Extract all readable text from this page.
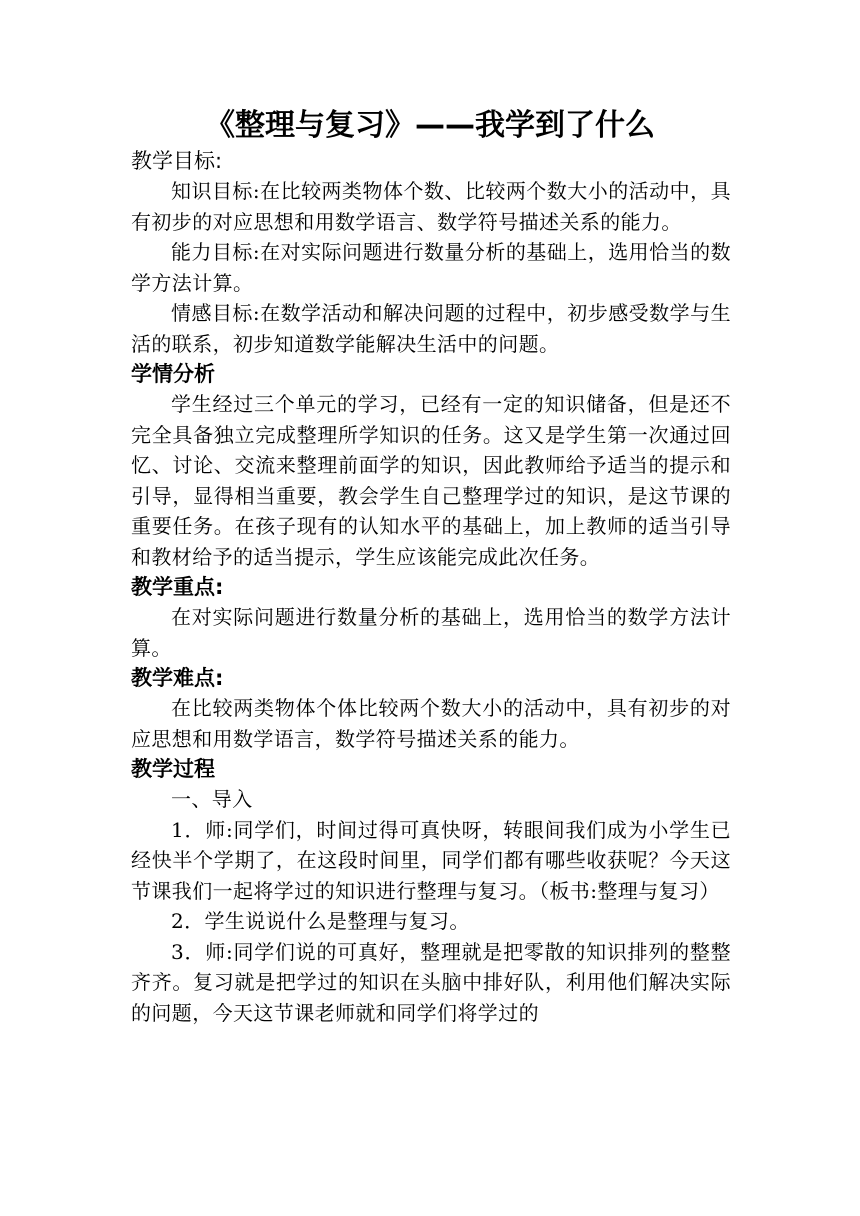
《整理与复习》——我学到了什么

教学目标:

知识目标:在比较两类物体个数、比较两个数大小的活动中，具有初步的对应思想和用数学语言、数学符号描述关系的能力。

能力目标:在对实际问题进行数量分析的基础上，选用恰当的数学方法计算。

情感目标:在数学活动和解决问题的过程中，初步感受数学与生活的联系，初步知道数学能解决生活中的问题。

学情分析

学生经过三个单元的学习，已经有一定的知识储备，但是还不完全具备独立完成整理所学知识的任务。这又是学生第一次通过回忆、讨论、交流来整理前面学的知识，因此教师给予适当的提示和引导，显得相当重要，教会学生自己整理学过的知识，是这节课的重要任务。在孩子现有的认知水平的基础上，加上教师的适当引导和教材给予的适当提示，学生应该能完成此次任务。

教学重点:

在对实际问题进行数量分析的基础上，选用恰当的数学方法计算。

教学难点:

在比较两类物体个体比较两个数大小的活动中，具有初步的对应思想和用数学语言，数学符号描述关系的能力。

教学过程

一、导入

1．师:同学们，时间过得可真快呀，转眼间我们成为小学生已经快半个学期了，在这段时间里，同学们都有哪些收获呢？今天这节课我们一起将学过的知识进行整理与复习。（板书:整理与复习）

2．学生说说什么是整理与复习。

3．师:同学们说的可真好，整理就是把零散的知识排列的整整齐齐。复习就是把学过的知识在头脑中排好队，利用他们解决实际的问题，今天这节课老师就和同学们将学过的
